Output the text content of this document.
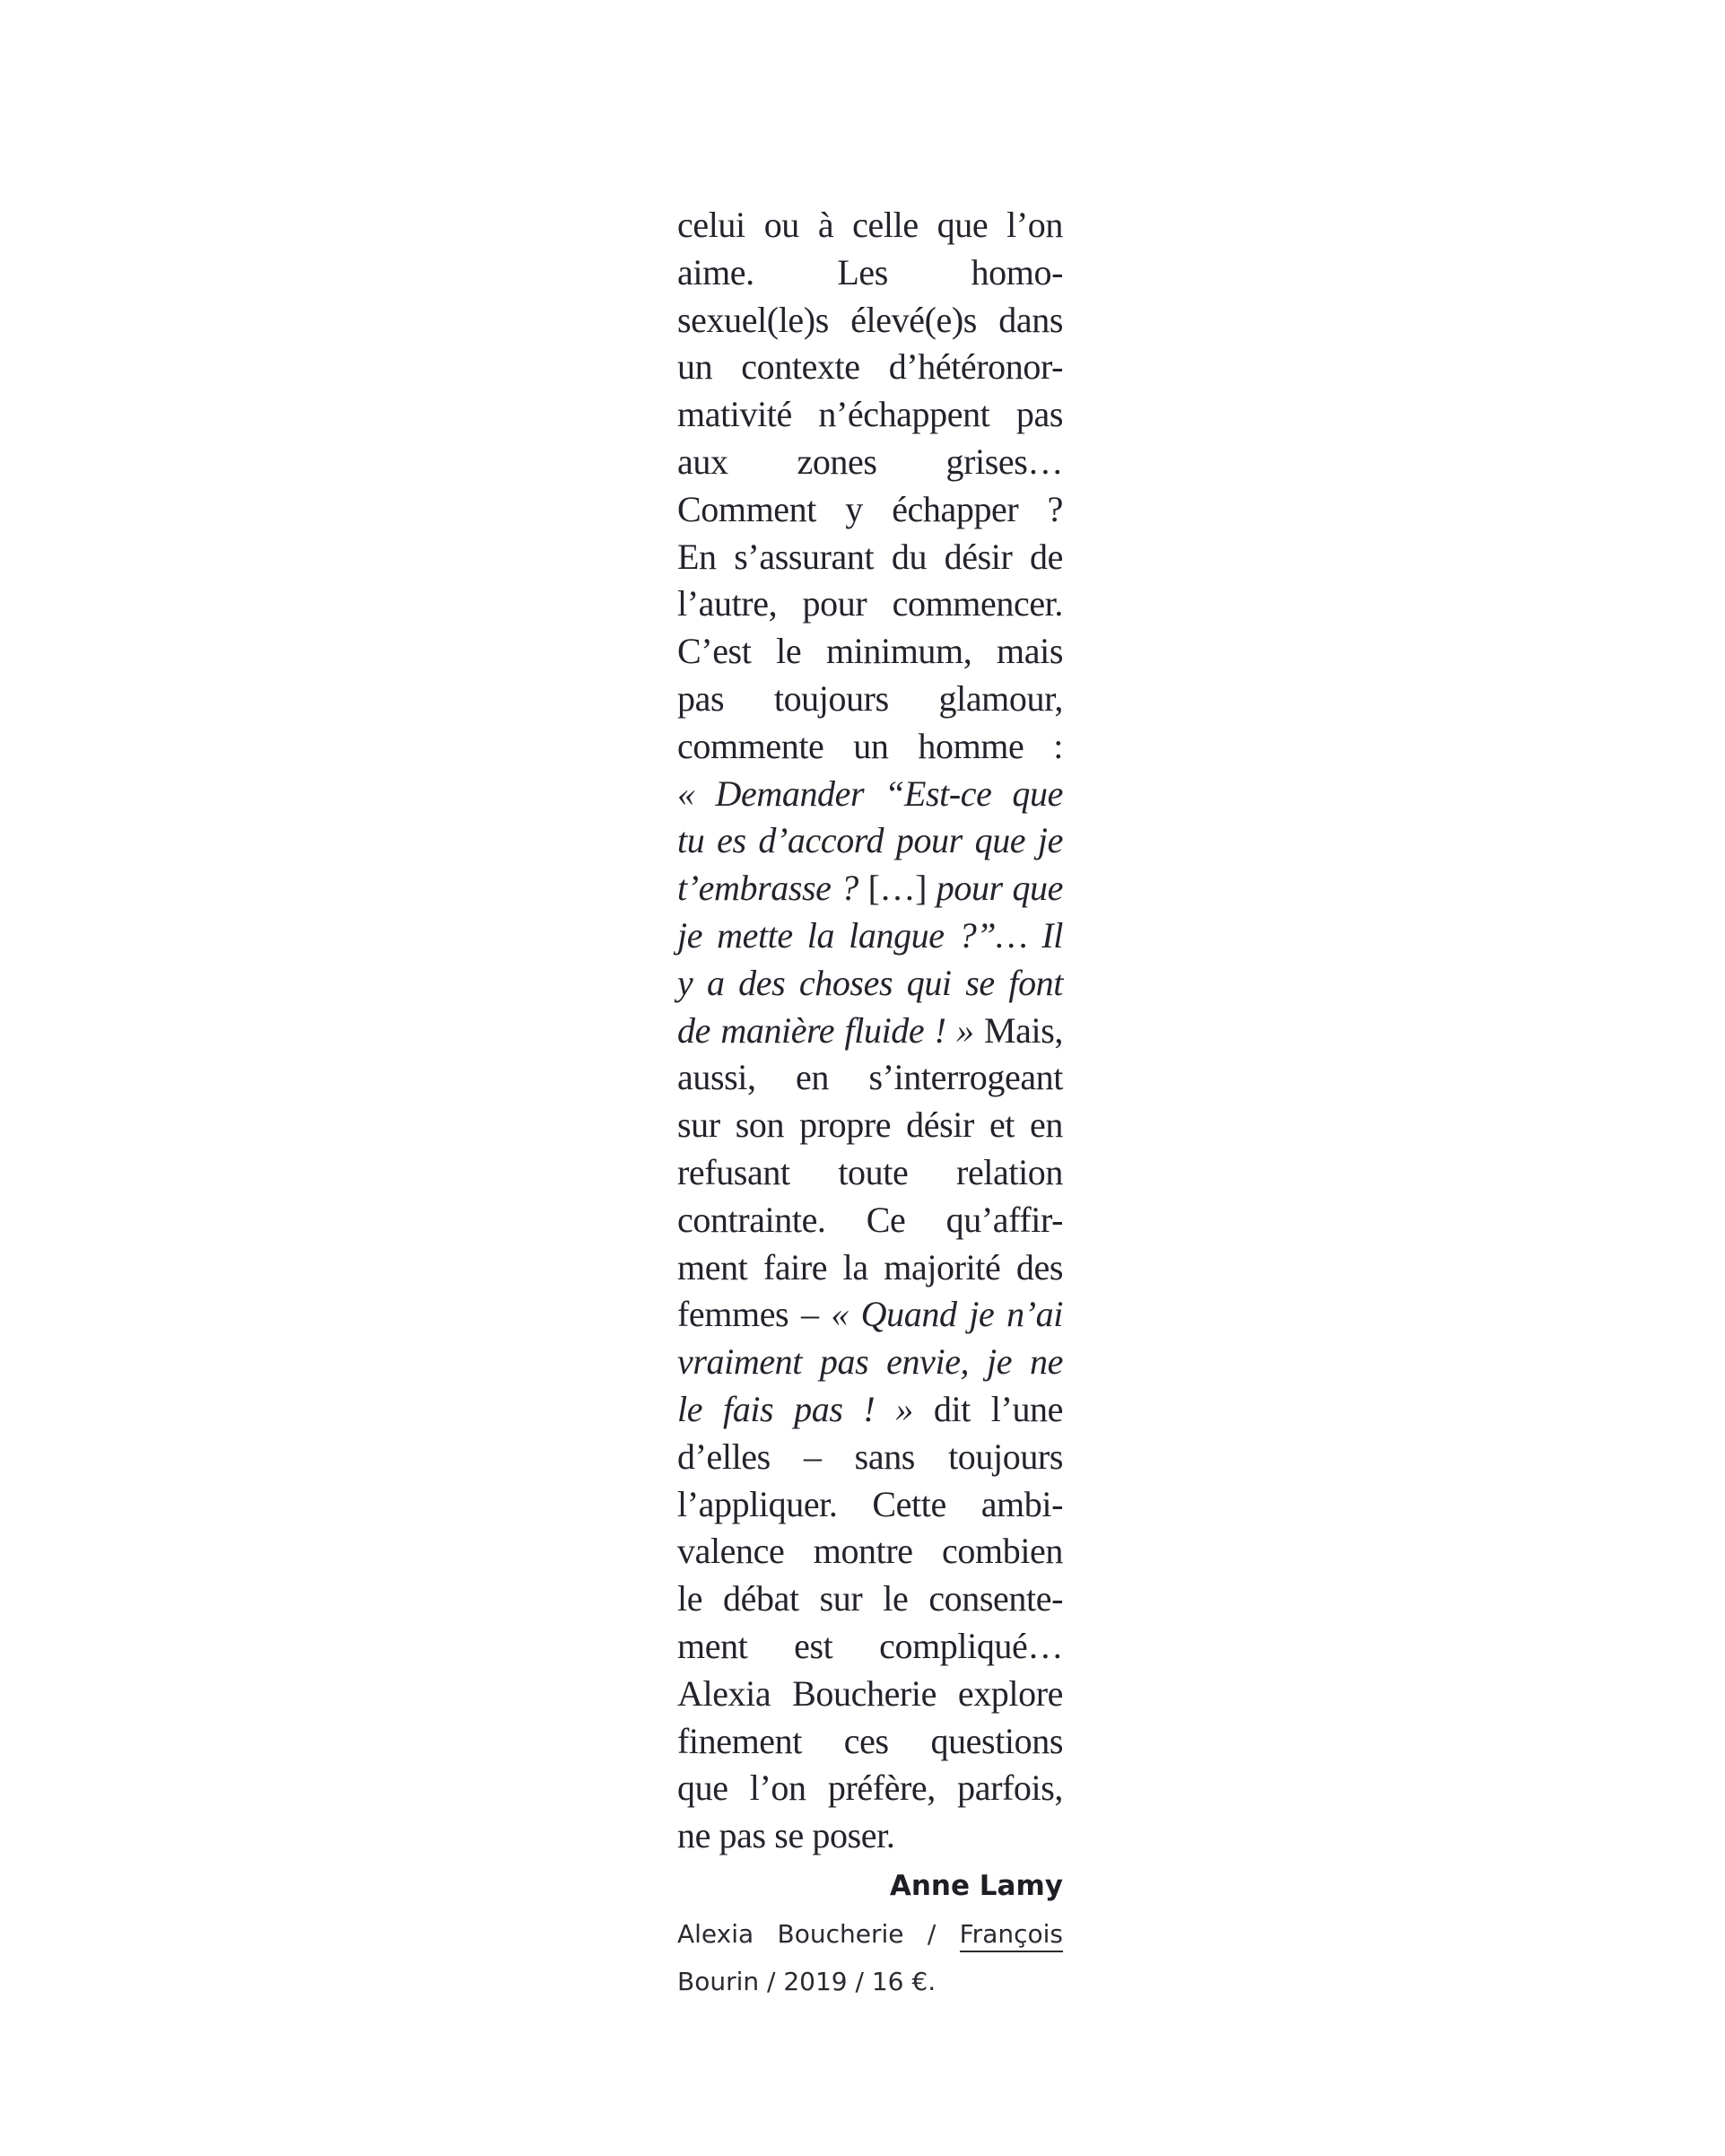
celui ou à celle que l’on
aime. Les homo-
sexuel(le)s élevé(e)s dans
un contexte d’hétéronor-
mativité n’échappent pas
aux zones grises…
Comment y échapper ?
En s’assurant du désir de
l’autre, pour commencer.
C’est le minimum, mais
pas toujours glamour,
commente un homme :
« Demander “Est-ce que
tu es d’accord pour que je
t’embrasse ? […] pour que
je mette la langue ?”… Il
y a des choses qui se font
de manière fluide ! » Mais,
aussi, en s’interrogeant
sur son propre désir et en
refusant toute relation
contrainte. Ce qu’affir-
ment faire la majorité des
femmes – « Quand je n’ai
vraiment pas envie, je ne
le fais pas ! » dit l’une
d’elles – sans toujours
l’appliquer. Cette ambi-
valence montre combien
le débat sur le consente-
ment est compliqué…
Alexia Boucherie explore
finement ces questions
que l’on préfère, parfois,
ne pas se poser.
Anne Lamy
Alexia Boucherie / François
Bourin / 2019 / 16 €.
